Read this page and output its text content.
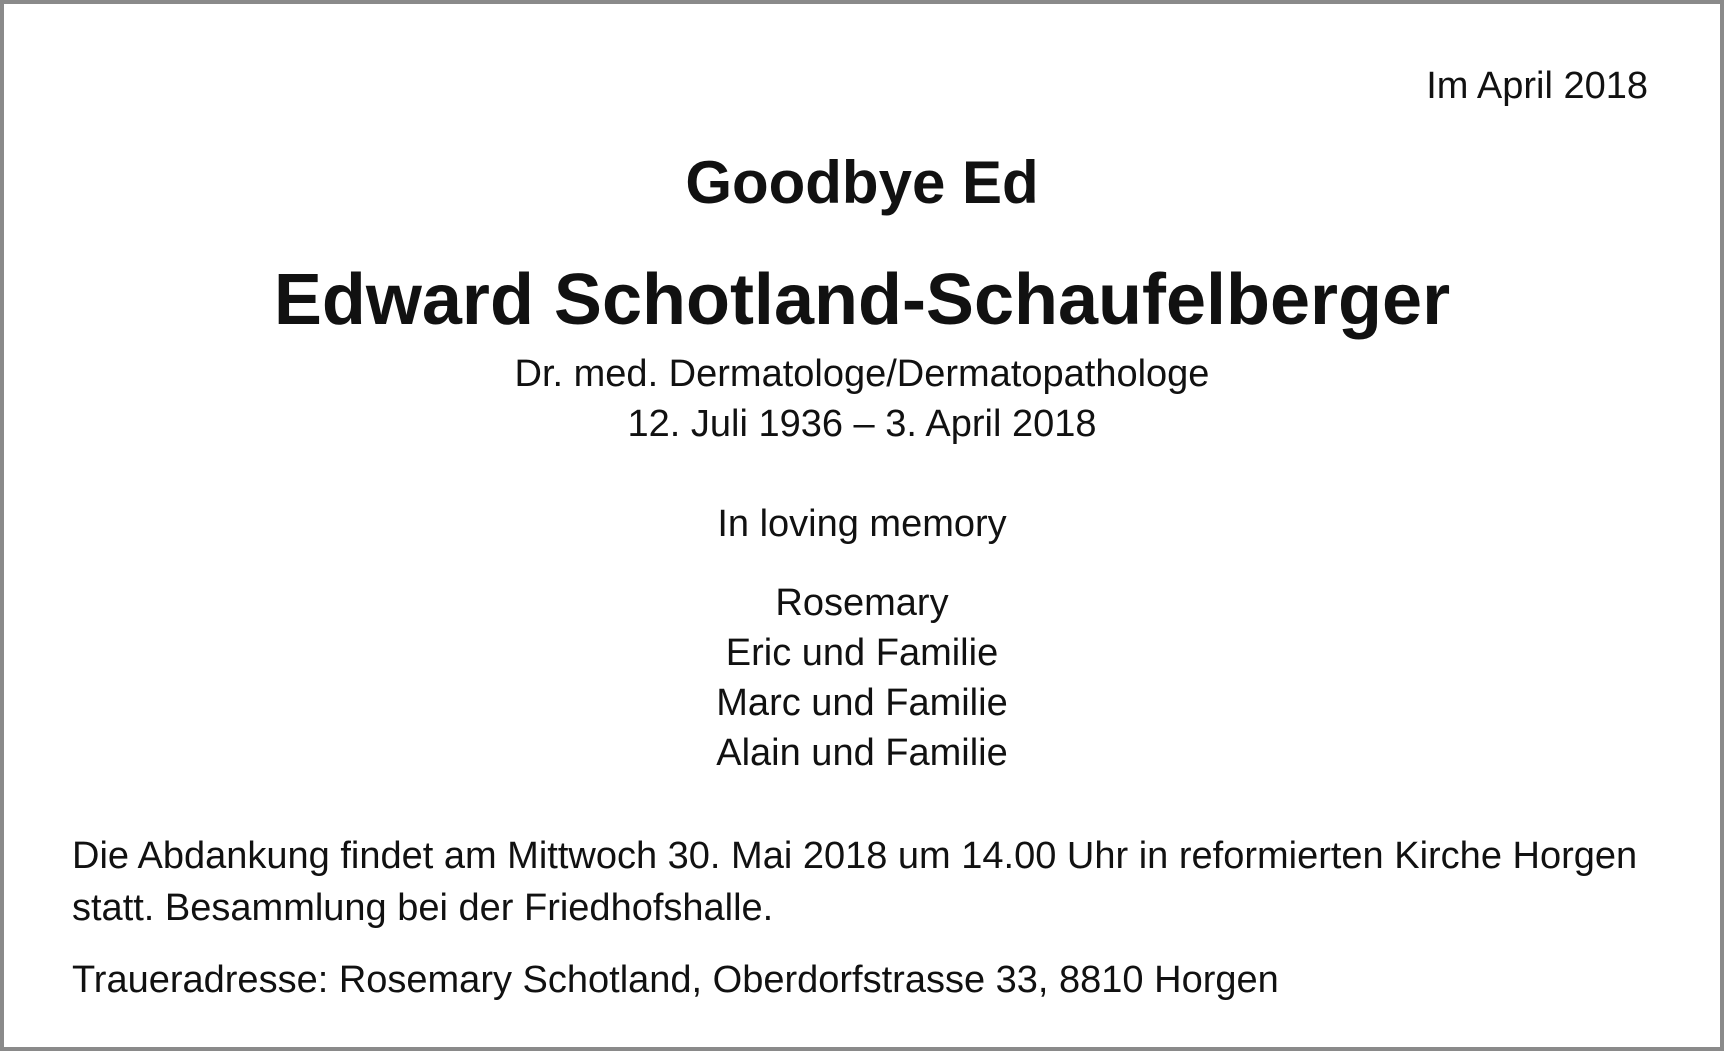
Im April 2018

Goodbye Ed
Edward Schotland-Schaufelberger

Dr. med. Dermatologe/Dermatopathologe

12. Juli 1936 – 3. April 2018

In loving memory

Rosemary
Eric und Familie
Marc und Familie
Alain und Familie

Die Abdankung findet am Mittwoch 30. Mai 2018 um 14.00 Uhr in reformierten Kirche Horgen statt. Besammlung bei der Friedhofshalle.

Traueradresse: Rosemary Schotland, Oberdorfstrasse 33, 8810 Horgen
